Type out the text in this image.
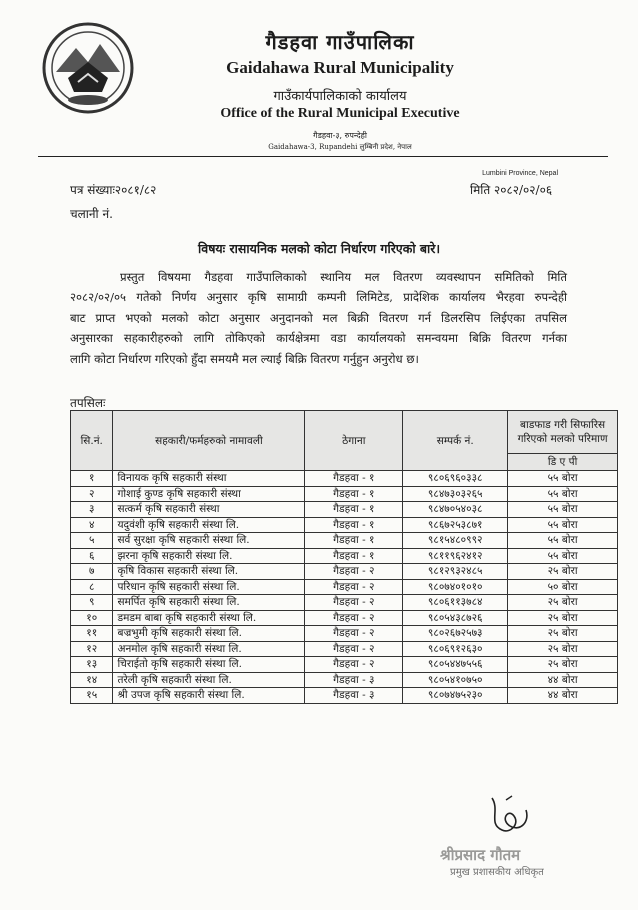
गैडहवा गाउँपालिका
Gaidahawa Rural Municipality
गाउँकार्यपालिकाको कार्यालय
Office of the Rural Municipal Executive
गैडहवा-३, रुपन्देही
Gaidahawa-3, Rupandehi लुम्बिनी प्रदेश, नेपाल
Lumbini Province, Nepal
पत्र संख्याः२०८१/८२	मिति २०८२/०२/०६
चलानी नं.
विषयः रासायनिक मलको कोटा निर्धारण गरिएको बारे।
प्रस्तुत विषयमा गैडहवा गाउँपालिकाको स्थानिय मल वितरण व्यवस्थापन समितिको मिति
२०८२/०२/०५ गतेको निर्णय अनुसार कृषि सामाग्री कम्पनी लिमिटेड, प्रादेशिक कार्यालय भैरहवा रुपन्देही
बाट प्राप्त भएको मलको कोटा अनुसार अनुदानको मल बिक्री वितरण गर्न डिलरसिप लिईएका तपसिल
अनुसारका सहकारीहरुको लागि तोकिएको कार्यक्षेत्रमा वडा कार्यालयको समन्वयमा बिक्रि वितरण गर्नका
लागि कोटा निर्धारण गरिएको हुँदा समयमै मल ल्याई बिक्रि वितरण गर्नुहुन अनुरोध छ।
तपसिलः
सि.नं.	सहकारी/फर्महरुको नामावली	ठेगाना	सम्पर्क नं.	बाडफाड गरी सिफारिस गरिएको मलको परिमाण
				डि ए पी
१	विनायक कृषि सहकारी संस्था	गैडहवा - १	९८०६९६०३३८	५५ बोरा
२	गोशाई कुण्ड कृषि सहकारी संस्था	गैडहवा - १	९८४७३०३२६५	५५ बोरा
३	सत्कर्म कृषि सहकारी संस्था	गैडहवा - १	९८४७०५४०३८	५५ बोरा
४	यदुवंशी कृषि सहकारी संस्था लि.	गैडहवा - १	९८६७२५३८७१	५५ बोरा
५	सर्व सुरक्षा कृषि सहकारी संस्था लि.	गैडहवा - १	९८१५४८०९९२	५५ बोरा
६	झरना कृषि सहकारी संस्था लि.	गैडहवा - १	९८११९६२४१२	५५ बोरा
७	कृषि विकास सहकारी संस्था लि.	गैडहवा - २	९८१२९३२४८५	२५ बोरा
८	परिधान कृषि सहकारी संस्था लि.	गैडहवा - २	९८०७४०१०१०	५० बोरा
९	समर्पित कृषि सहकारी संस्था लि.	गैडहवा - २	९८०६११३७८४	२५ बोरा
१०	डमडम बाबा कृषि सहकारी संस्था लि.	गैडहवा - २	९८०५४३८७२६	२५ बोरा
११	बज्रभुमी कृषि सहकारी संस्था लि.	गैडहवा - २	९८०२६७२५७३	२५ बोरा
१२	अनमोल कृषि सहकारी संस्था लि.	गैडहवा - २	९८०६९१२६३०	२५ बोरा
१३	चिराईतो कृषि सहकारी संस्था लि.	गैडहवा - २	९८०५४४७५५६	२५ बोरा
१४	तरेली कृषि सहकारी संस्था लि.	गैडहवा - ३	९८०५४१०७५०	४४ बोरा
१५	श्री उपज कृषि सहकारी संस्था लि.	गैडहवा - ३	९८०७४७५२३०	४४ बोरा
श्रीप्रसाद गौतम
प्रमुख प्रशासकीय अधिकृत
